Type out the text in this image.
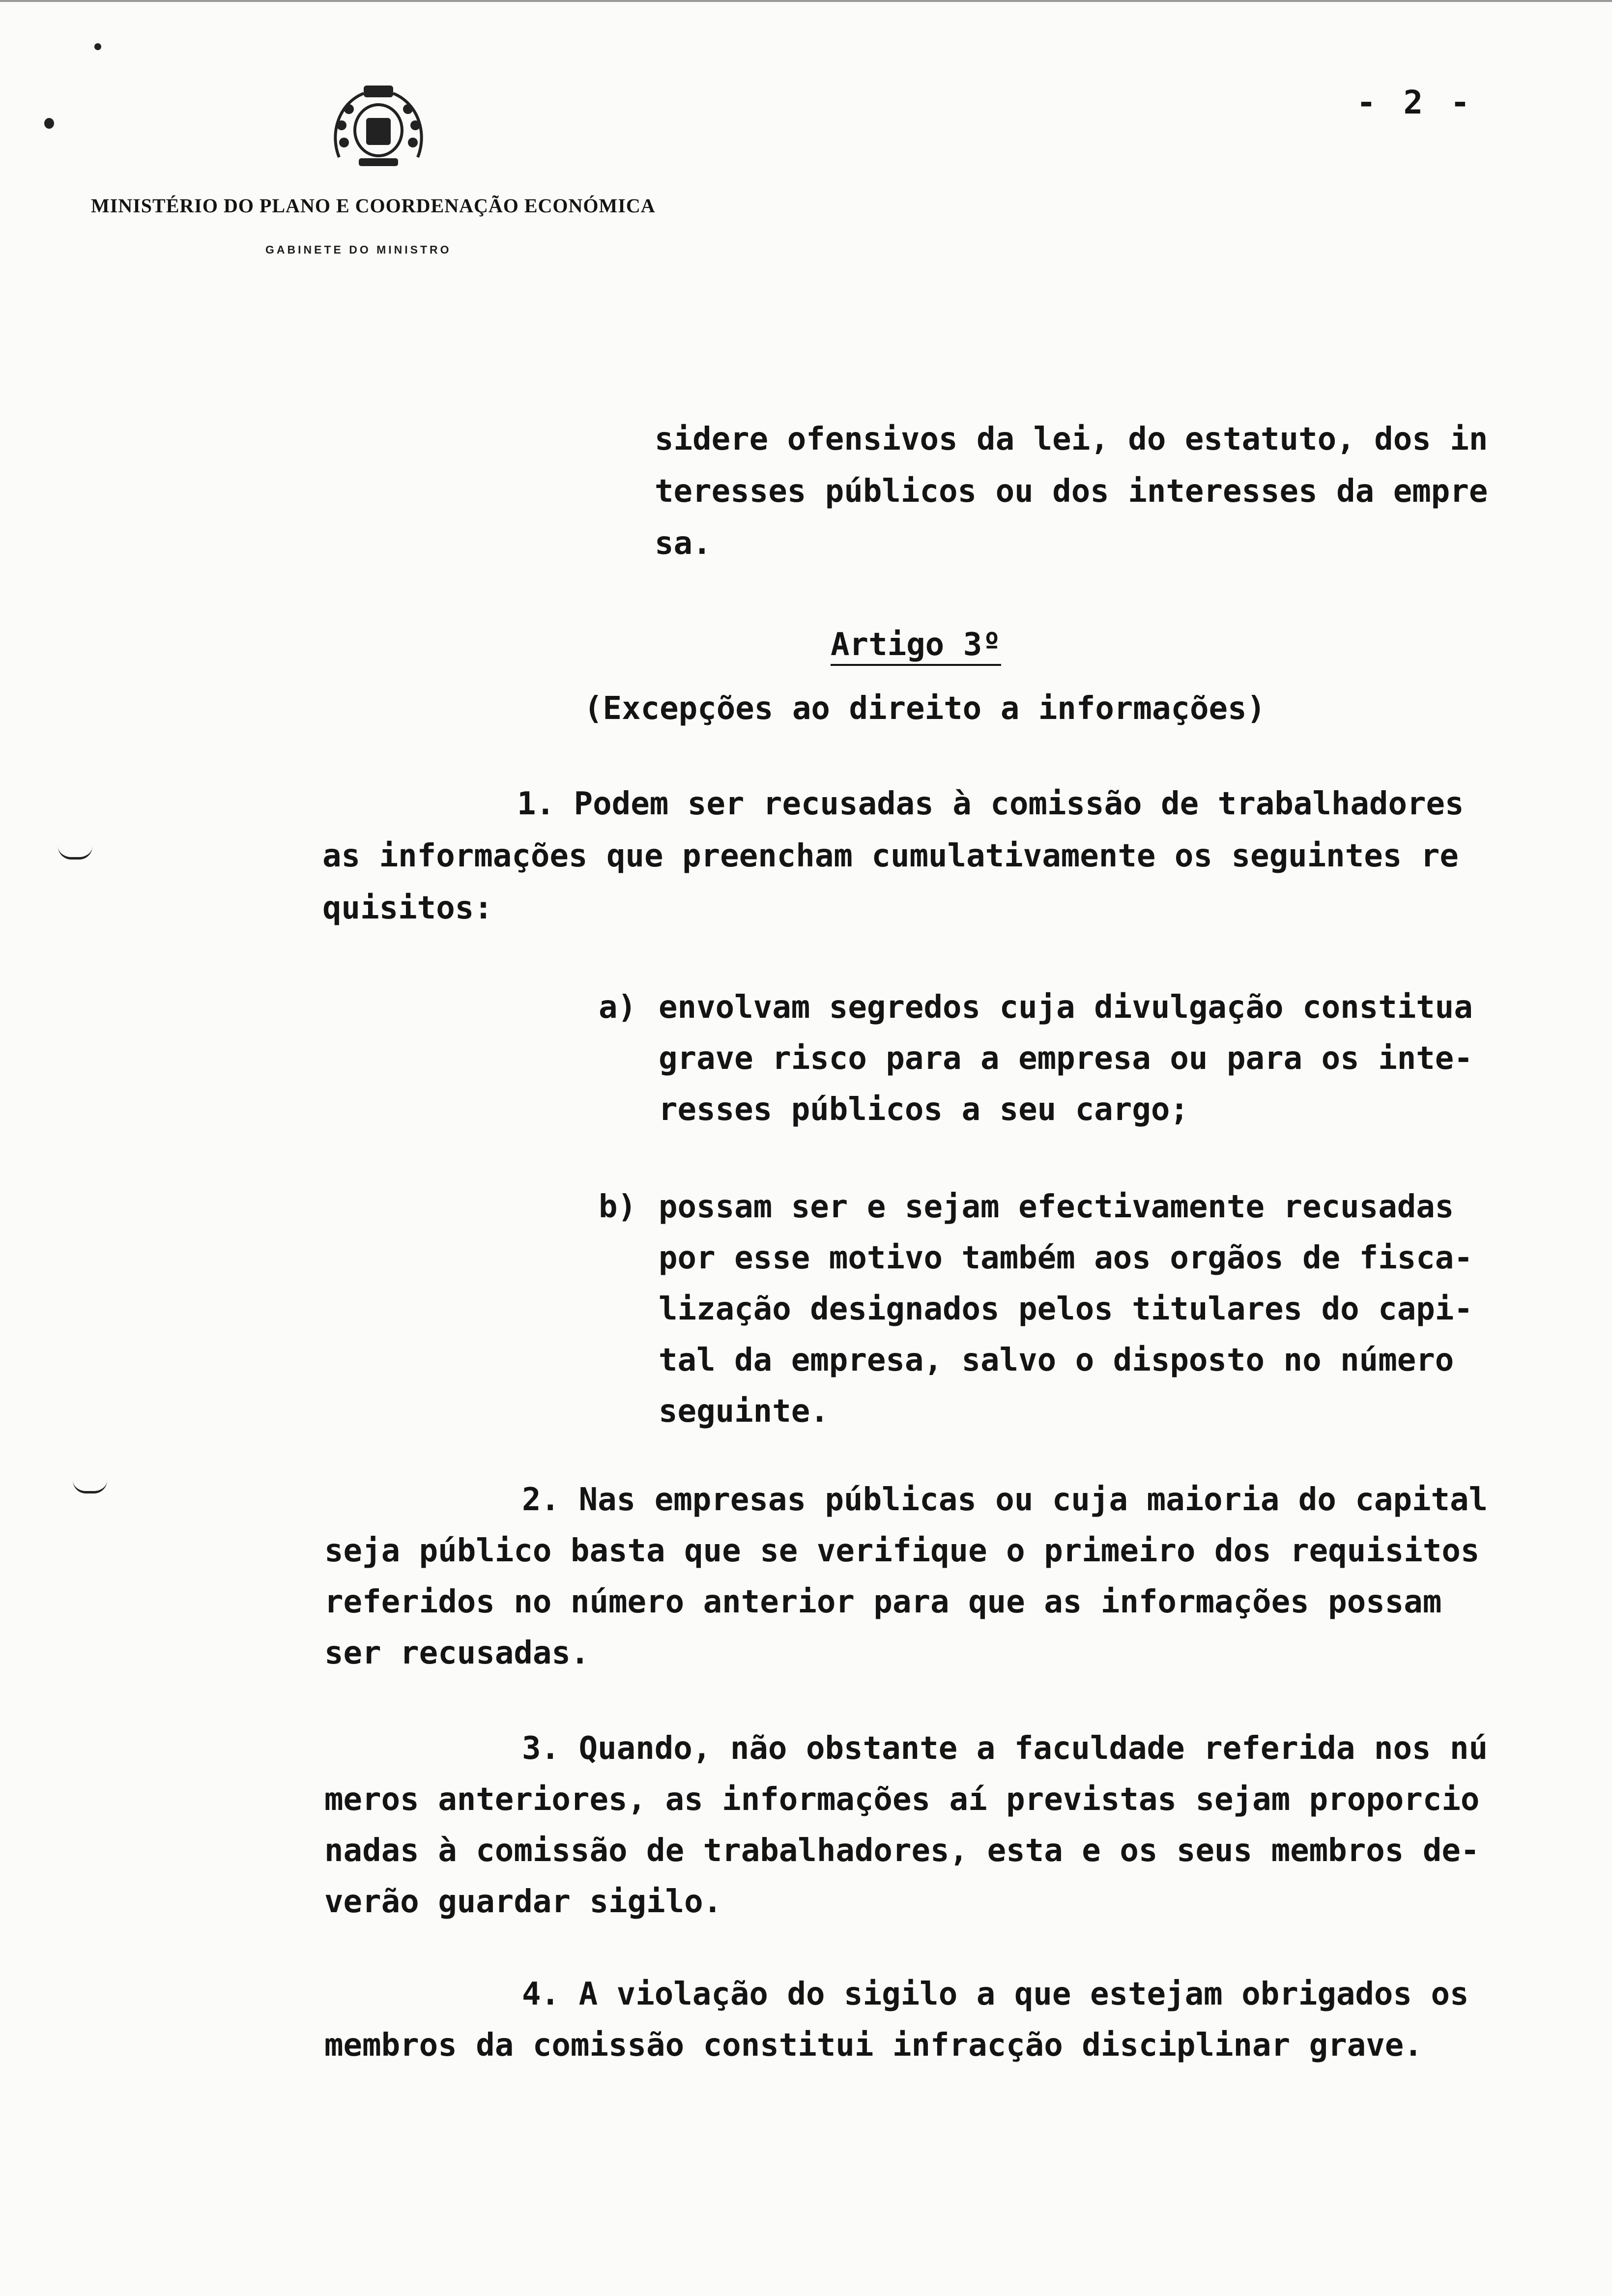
- 2 -
MINISTÉRIO DO PLANO E COORDENAÇÃO ECONÓMICA
GABINETE DO MINISTRO
sidere ofensivos da lei, do estatuto, dos in
teresses públicos ou dos interesses da empre
sa.
Artigo 3º
(Excepções ao direito a informações)
1. Podem ser recusadas à comissão de trabalhadores
as informações que preencham cumulativamente os seguintes re
quisitos:
a) envolvam segredos cuja divulgação constitua
grave risco para a empresa ou para os inte-
resses públicos a seu cargo;
b) possam ser e sejam efectivamente recusadas
por esse motivo também aos orgãos de fisca-
lização designados pelos titulares do capi-
tal da empresa, salvo o disposto no número
seguinte.
2. Nas empresas públicas ou cuja maioria do capital
seja público basta que se verifique o primeiro dos requisitos
referidos no número anterior para que as informações possam
ser recusadas.
3. Quando, não obstante a faculdade referida nos nú
meros anteriores, as informações aí previstas sejam proporcio
nadas à comissão de trabalhadores, esta e os seus membros de-
verão guardar sigilo.
4. A violação do sigilo a que estejam obrigados os
membros da comissão constitui infracção disciplinar grave.
